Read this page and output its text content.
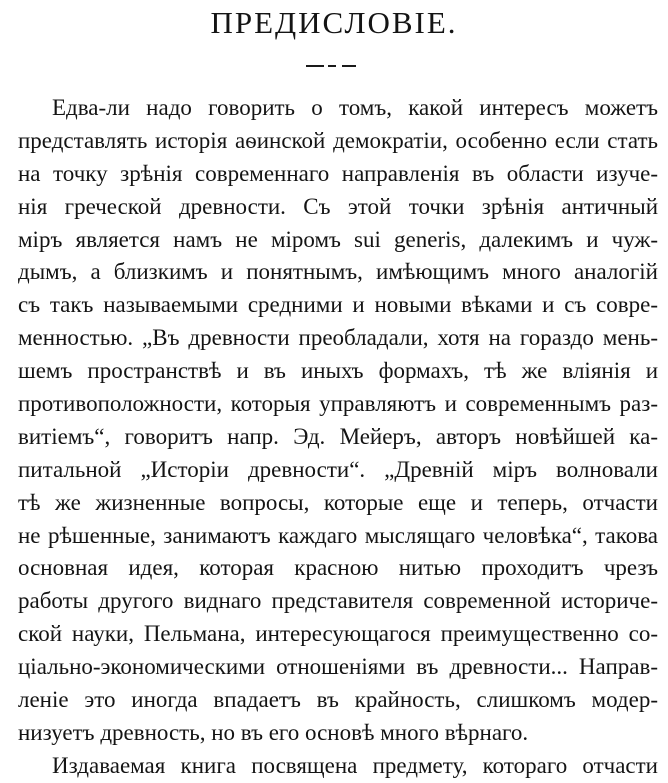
ПРЕДИСЛОВІЕ.
Едва-ли надо говорить о томъ, какой интересъ можетъ
представлять исторія аѳинской демократіи, особенно если стать
на точку зрѣнія современнаго направленія въ области изуче-
нія греческой древности. Съ этой точки зрѣнія античный
міръ является намъ не міромъ sui generis, далекимъ и чуж-
дымъ, а близкимъ и понятнымъ, имѣющимъ много аналогій
съ такъ называемыми средними и новыми вѣками и съ совре-
менностью. „Въ древности преобладали, хотя на гораздо мень-
шемъ пространствѣ и въ иныхъ формахъ, тѣ же вліянія и
противоположности, которыя управляютъ и современнымъ раз-
витіемъ“, говоритъ напр. Эд. Мейеръ, авторъ новѣйшей ка-
питальной „Исторіи древности“. „Древній міръ волновали
тѣ же жизненные вопросы, которые еще и теперь, отчасти
не рѣшенные, занимаютъ каждаго мыслящаго человѣка“, такова
основная идея, которая красною нитью проходитъ чрезъ
работы другого виднаго представителя современной историче-
ской науки, Пельмана, интересующагося преимущественно со-
ціально-экономическими отношеніями въ древности... Направ-
леніе это иногда впадаетъ въ крайность, слишкомъ модер-
низуетъ древность, но въ его основѣ много вѣрнаго.
Издаваемая книга посвящена предмету, котораго отчасти
